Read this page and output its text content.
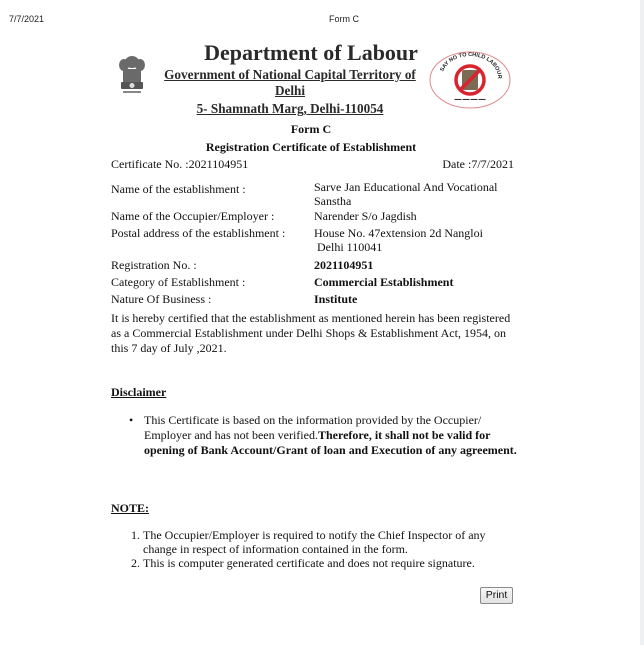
7/7/2021	Form C
Department of Labour
Government of National Capital Territory of
Delhi
5- Shamnath Marg, Delhi-110054
SAY NO TO CHILD LABOUR
▬▬ ▬▬ ▬▬ ▬▬
Form C
Registration Certificate of Establishment
Certificate No. :2021104951	Date :7/7/2021
Name of the establishment :	Sarve Jan Educational And Vocational
Sanstha
Name of the Occupier/Employer :	Narender S/o Jagdish
Postal address of the establishment : House No. 47extension 2d Nangloi
Delhi 110041
Registration No. :	2021104951
Category of Establishment :	Commercial Establishment
Nature Of Business :	Institute
It is hereby certified that the establishment as mentioned herein has been registered as a Commercial Establishment under Delhi Shops & Establishment Act, 1954, on this 7 day of July ,2021.
Disclaimer
• This Certificate is based on the information provided by the Occupier/ Employer and has not been verified.Therefore, it shall not be valid for opening of Bank Account/Grant of loan and Execution of any agreement.
NOTE:
1. The Occupier/Employer is required to notify the Chief Inspector of any change in respect of information contained in the form.
2. This is computer generated certificate and does not require signature.
Print
